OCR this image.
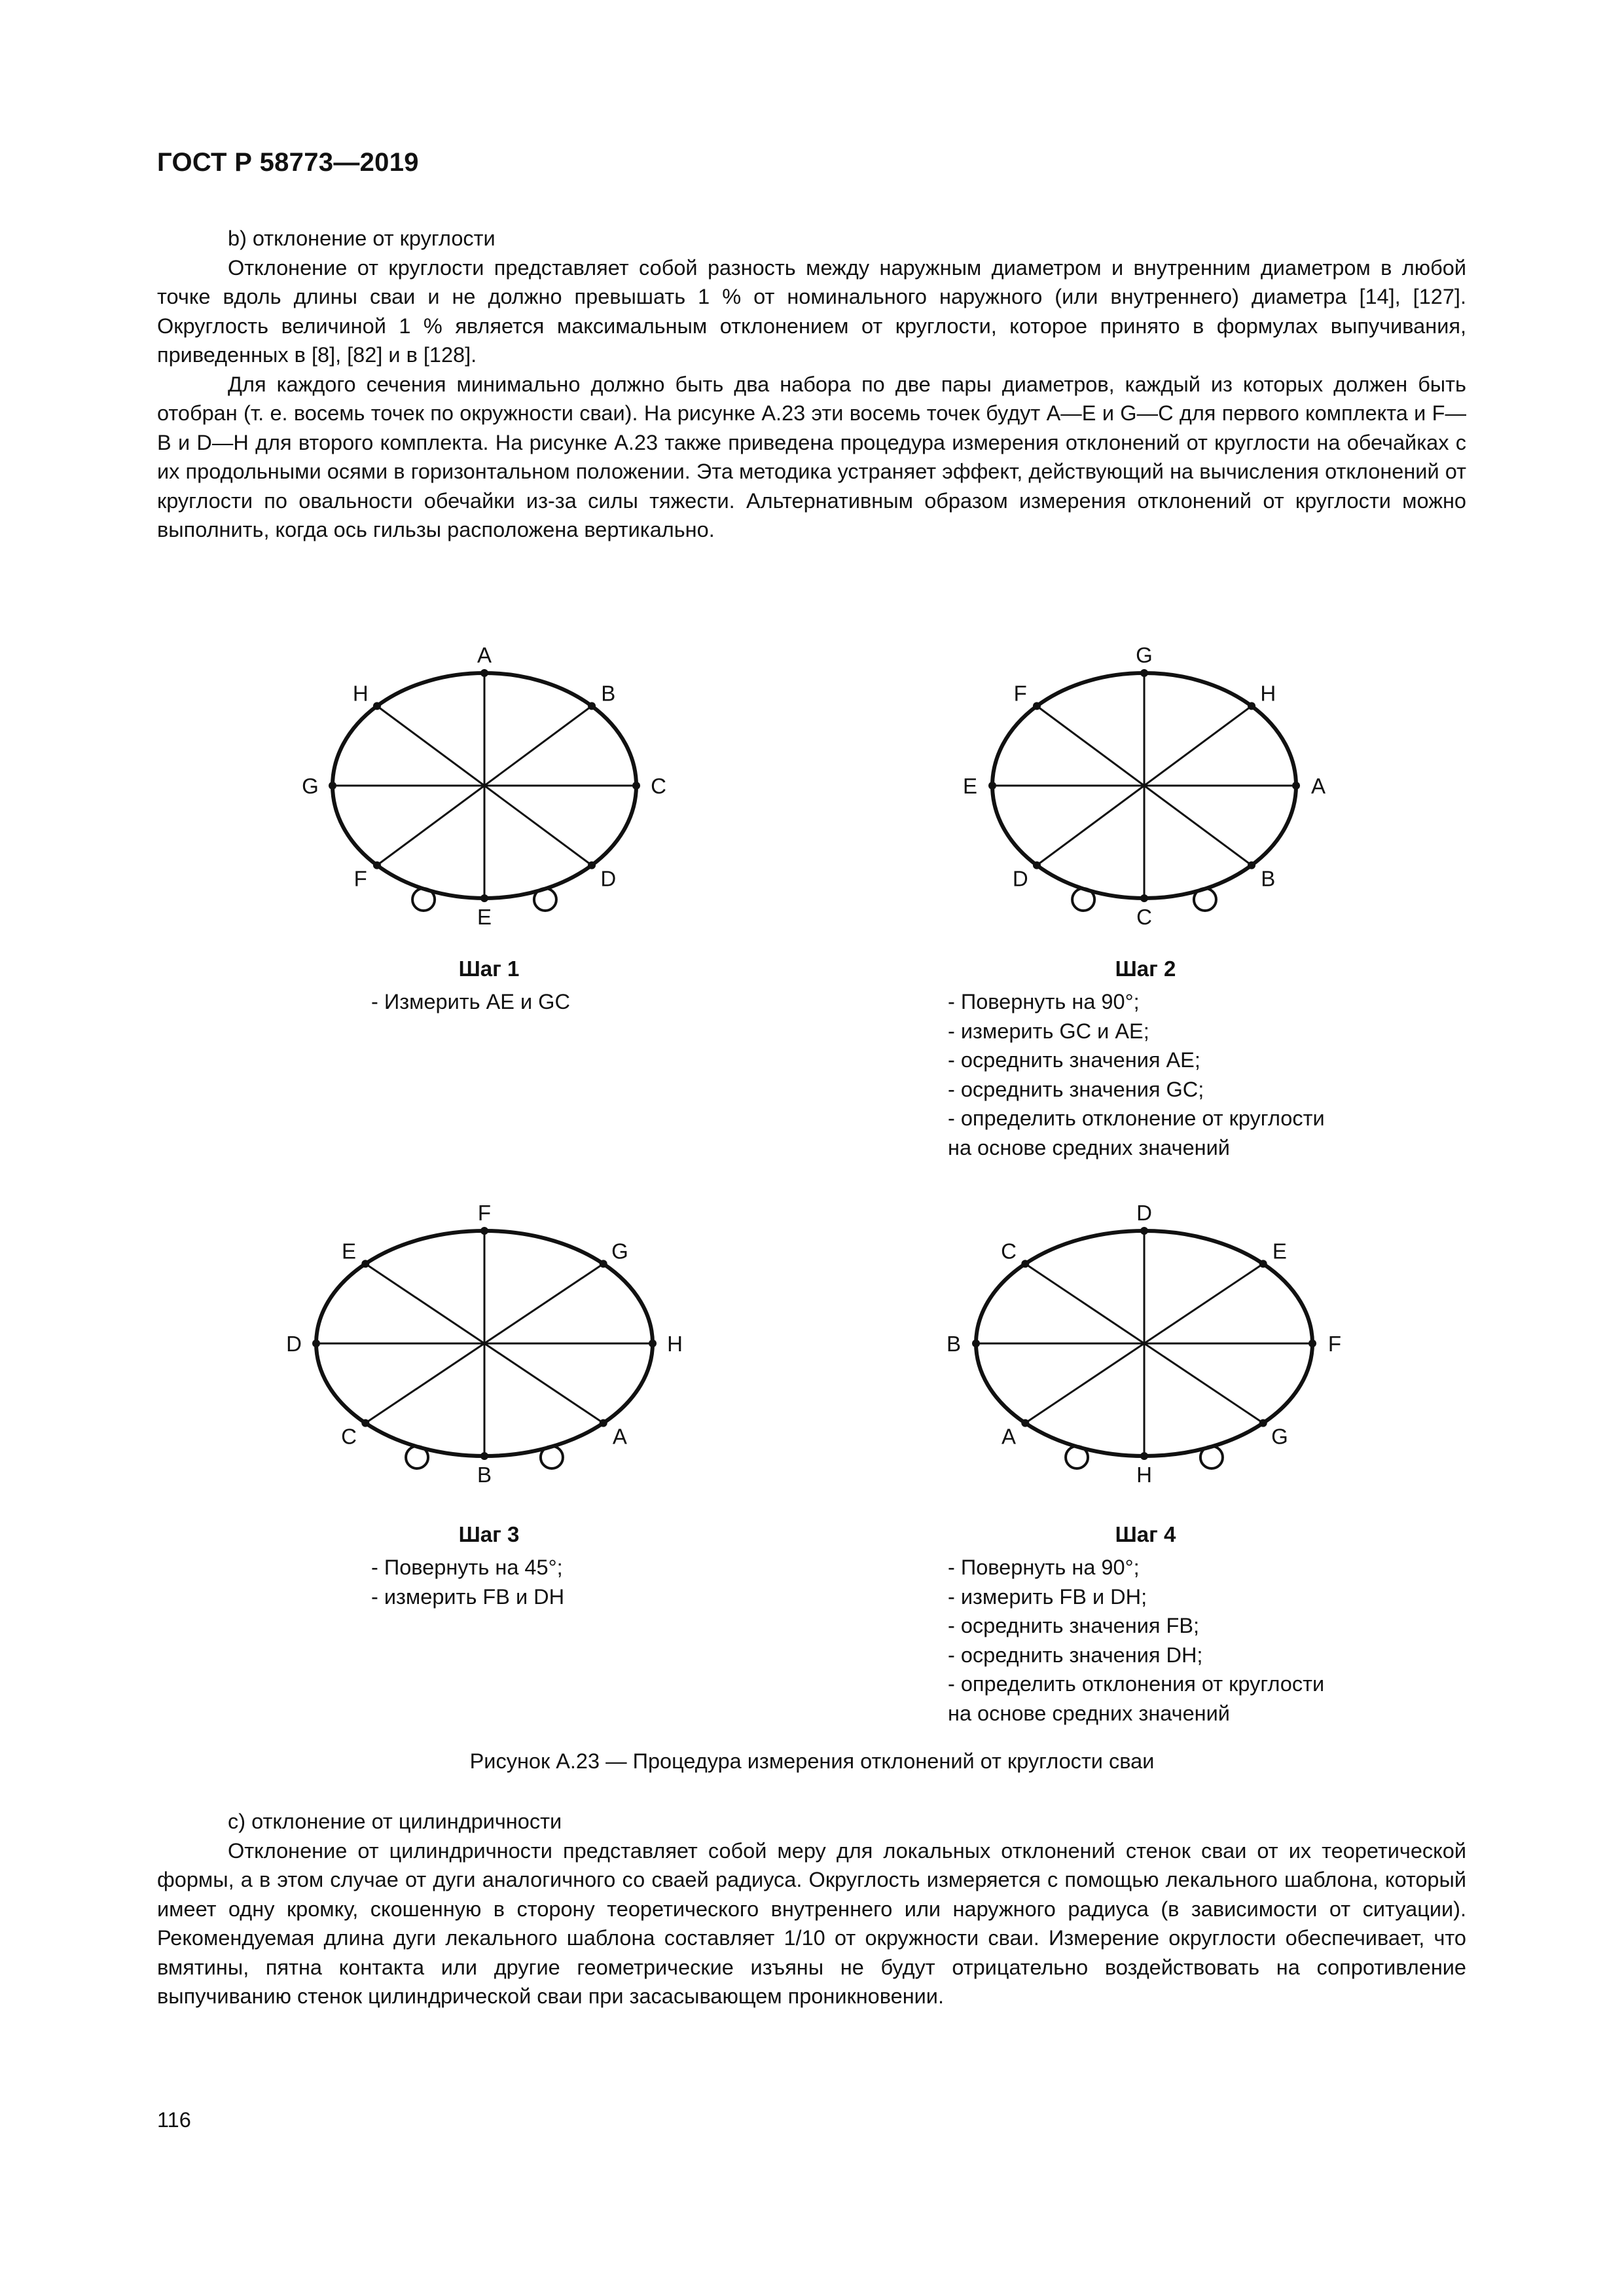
ГОСТ Р 58773—2019

b) отклонение от круглости

Отклонение от круглости представляет собой разность между наружным диаметром и внутренним диаметром в любой точке вдоль длины сваи и не должно превышать 1 % от номинального наружного (или внутреннего) диаметра [14], [127]. Округлость величиной 1 % является максимальным отклонением от круглости, которое принято в формулах выпучивания, приведенных в [8], [82] и в [128].

Для каждого сечения минимально должно быть два набора по две пары диаметров, каждый из которых должен быть отобран (т. е. восемь точек по окружности сваи). На рисунке А.23 эти восемь точек будут А—Е и G—С для первого комплекта и F—В и D—Н для второго комплекта. На рисунке А.23 также приведена процедура измерения отклонений от круглости на обечайках с их продольными осями в горизонтальном положении. Эта методика устраняет эффект, действующий на вычисления отклонений от круглости по овальности обечайки из-за силы тяжести. Альтернативным образом измерения отклонений от круглости можно выполнить, когда ось гильзы расположена вертикально.

A
B
C
D
E
F
G
H
G
H
A
B
C
D
E
F
F
G
H
A
B
C
D
E
D
E
F
G
H
A
B
C
Шаг 1	Шаг 2
Шаг 3	Шаг 4
- Измерить АЕ и GC	- Повернуть на 90°;
- измерить GC и АЕ;
- осреднить значения АЕ;
- осреднить значения GC;
- определить отклонение от круглости
на основе средних значений
- Повернуть на 45°;
- измерить FB и DH
- Повернуть на 90°;
- измерить FB и DH;
- осреднить значения FB;
- осреднить значения DH;
- определить отклонения от круглости
на основе средних значений
Рисунок А.23 — Процедура измерения отклонений от круглости сваи

c) отклонение от цилиндричности

Отклонение от цилиндричности представляет собой меру для локальных отклонений стенок сваи от их теоретической формы, а в этом случае от дуги аналогичного со сваей радиуса. Округлость измеряется с помощью лекального шаблона, который имеет одну кромку, скошенную в сторону теоретического внутреннего или наружного радиуса (в зависимости от ситуации). Рекомендуемая длина дуги лекального шаблона составляет 1/10 от окружности сваи. Измерение округлости обеспечивает, что вмятины, пятна контакта или другие геометрические изъяны не будут отрицательно воздействовать на сопротивление выпучиванию стенок цилиндрической сваи при засасывающем проникновении.

116
